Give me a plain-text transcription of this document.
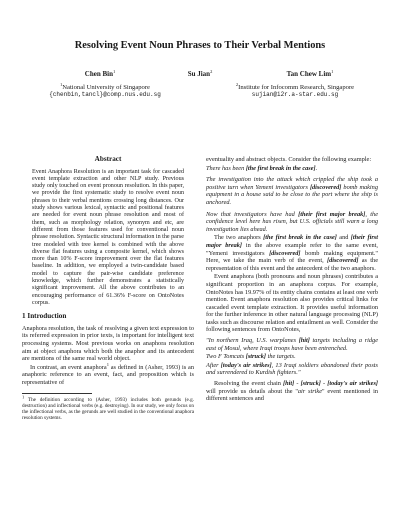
Resolving Event Noun Phrases to Their Verbal Mentions
Chen Bin$^1$	Su Jian$^2$	Tan Chew Lim$^1$
$^1$National University of Singapore
{chenbin,tancl}@comp.nus.edu.sg
$^2$Institute for Infocomm Research, Singapore
sujian@i2r.a-star.edu.sg
Abstract

Event Anaphora Resolution is an important task for cascaded event template extraction and other NLP study. Previous study only touched on event pronoun resolution. In this paper, we provide the first systematic study to resolve event noun phrases to their verbal mentions crossing long distances. Our study shows various lexical, syntactic and positional features are needed for event noun phrase resolution and most of them, such as morphology relation, synonym and etc, are different from those features used for conventional noun phrase resolution. Syntactic structural information in the parse tree modeled with tree kernel is combined with the above diverse flat features using a composite kernel, which shows more than 10% F-score improvement over the flat features baseline. In addition, we employed a twin-candidate based model to capture the pair-wise candidate preference knowledge, which further demonstrates a statistically significant improvement. All the above contributes to an encouraging performance of 61.36% F-score on OntoNotes corpus.

1 Introduction

Anaphora resolution, the task of resolving a given text expression to its referred expression in prior texts, is important for intelligent text processing systems. Most previous works on anaphora resolution aim at object anaphora which both the anaphor and its antecedent are mentions of the same real world object.

In contrast, an event anaphora$^1$ as defined in (Asher, 1993) is an anaphoric reference to an event, fact, and proposition which is representative of

$^1$ The definition according to (Asher, 1993) includes both gerunds (e.g. destruction) and inflectional verbs (e.g. destroying). In our study, we only focus on the inflectional verbs, as the gerunds are well studied in the conventional anaphora resolution systems.

eventuality and abstract objects. Consider the following example:

There has been [the first break in the case].

The investigation into the attack which crippled the ship took a positive turn when Yemeni investigators [discovered] bomb making equipment in a house said to be close to the port where the ship is anchored.

Now that investigators have had [their first major break], the confidence level here has risen, but U.S. officials still warn a long investigation lies ahead.

The two anaphors [the first break in the case] and [their first major break] in the above example refer to the same event, "Yemeni investigators [discovered] bomb making equipment." Here, we take the main verb of the event, [discovered] as the representation of this event and the antecedent of the two anaphors.

Event anaphora (both pronouns and noun phrases) contributes a significant proportion in an anaphora corpus. For example, OntoNotes has 19.97% of its entity chains contains at least one verb mention. Event anaphora resolution also provides critical links for cascaded event template extraction. It provides useful information for the further inference in other natural language processing (NLP) tasks such as discourse relation and entailment as well. Consider the following sentences from OntoNotes,

"In northern Iraq, U.S. warplanes [hit] targets including a ridge east of Mosul, where Iraqi troops have been entrenched.

Two F Tomcats [struck] the targets.

After [today's air strikes], 13 Iraqi soldiers abandoned their posts and surrendered to Kurdish fighters."

Resolving the event chain [hit] - [struck] - [today's air strikes] will provide us details about the "air strike" event mentioned in different sentences and
